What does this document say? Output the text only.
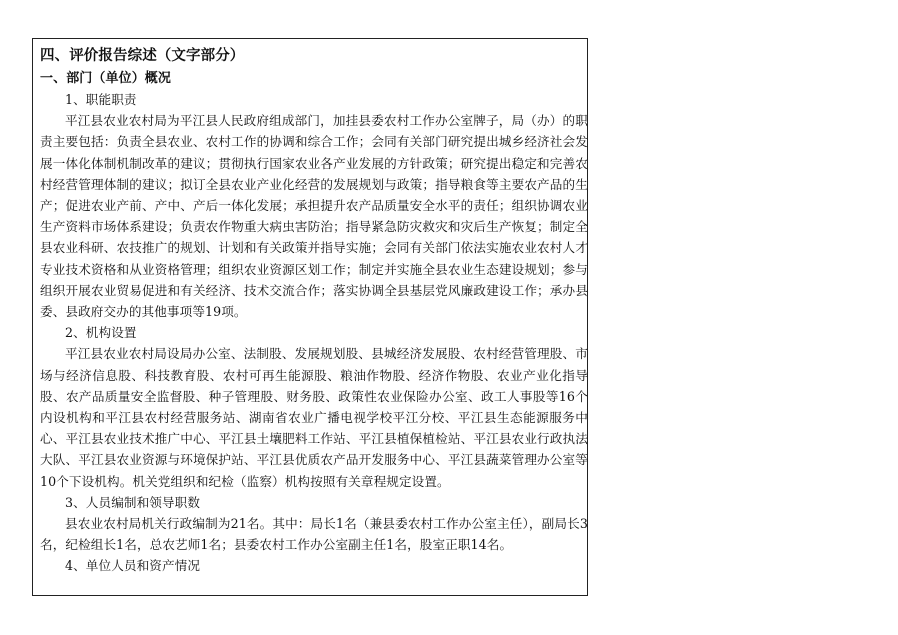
四、评价报告综述（文字部分）
一、部门（单位）概况
1、职能职责
平江县农业农村局为平江县人民政府组成部门，加挂县委农村工作办公室牌子，局（办）的职责主要包括：负责全县农业、农村工作的协调和综合工作；会同有关部门研究提出城乡经济社会发展一体化体制机制改革的建议；贯彻执行国家农业各产业发展的方针政策；研究提出稳定和完善农村经营管理体制的建议；拟订全县农业产业化经营的发展规划与政策；指导粮食等主要农产品的生产；促进农业产前、产中、产后一体化发展；承担提升农产品质量安全水平的责任；组织协调农业生产资料市场体系建设；负责农作物重大病虫害防治；指导紧急防灾救灾和灾后生产恢复；制定全县农业科研、农技推广的规划、计划和有关政策并指导实施；会同有关部门依法实施农业农村人才专业技术资格和从业资格管理；组织农业资源区划工作；制定并实施全县农业生态建设规划；参与组织开展农业贸易促进和有关经济、技术交流合作；落实协调全县基层党风廉政建设工作；承办县委、县政府交办的其他事项等19项。
2、机构设置
平江县农业农村局设局办公室、法制股、发展规划股、县城经济发展股、农村经营管理股、市场与经济信息股、科技教育股、农村可再生能源股、粮油作物股、经济作物股、农业产业化指导股、农产品质量安全监督股、种子管理股、财务股、政策性农业保险办公室、政工人事股等16个内设机构和平江县农村经营服务站、湖南省农业广播电视学校平江分校、平江县生态能源服务中心、平江县农业技术推广中心、平江县土壤肥料工作站、平江县植保植检站、平江县农业行政执法大队、平江县农业资源与环境保护站、平江县优质农产品开发服务中心、平江县蔬菜管理办公室等10个下设机构。机关党组织和纪检（监察）机构按照有关章程规定设置。
3、人员编制和领导职数
县农业农村局机关行政编制为21名。其中：局长1名（兼县委农村工作办公室主任），副局长3名，纪检组长1名，总农艺师1名；县委农村工作办公室副主任1名，股室正职14名。
4、单位人员和资产情况
